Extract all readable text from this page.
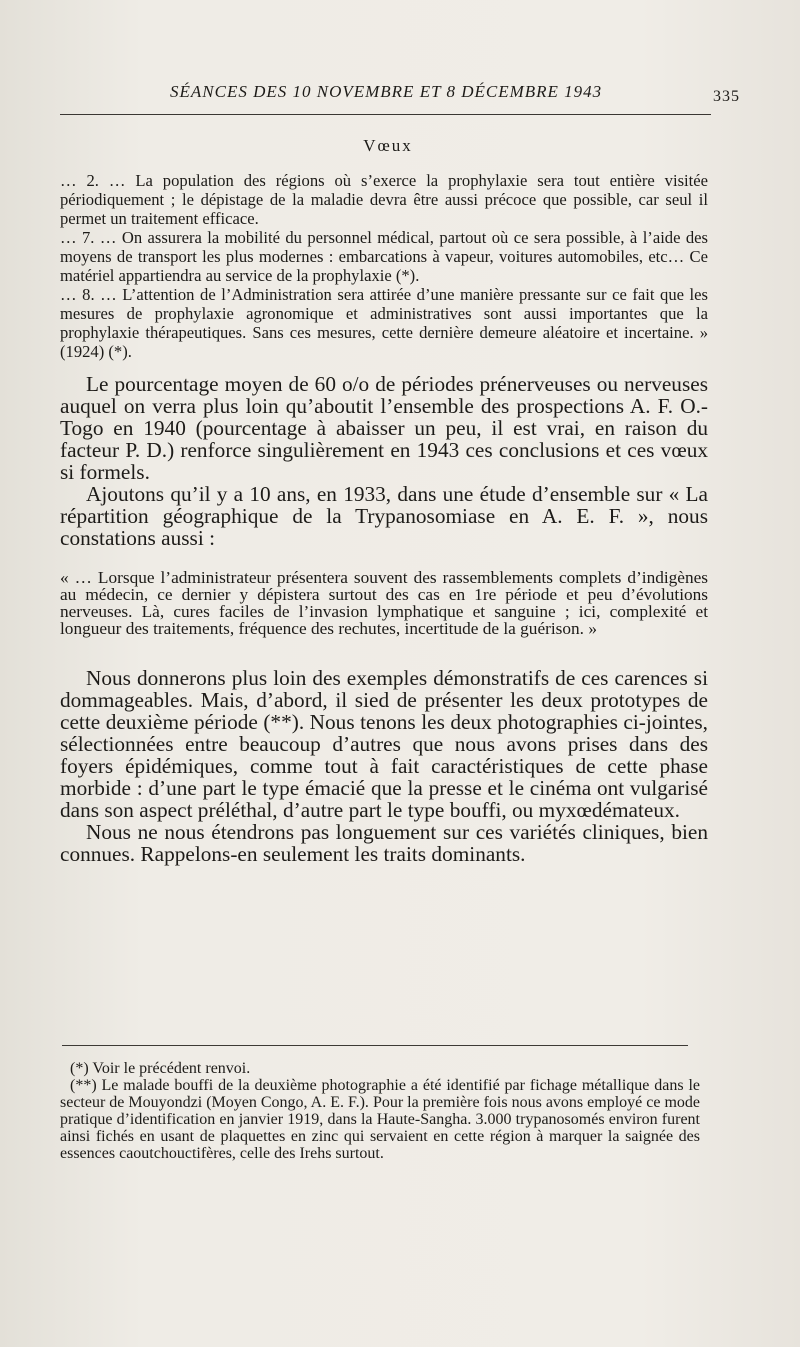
SÉANCES DES 10 NOVEMBRE ET 8 DÉCEMBRE 1943	335
Vœux

… 2. … La population des régions où s’exerce la prophylaxie sera tout entière visitée périodiquement ; le dépistage de la maladie devra être aussi précoce que possible, car seul il permet un traitement efficace.

… 7. … On assurera la mobilité du personnel médical, partout où ce sera possible, à l’aide des moyens de transport les plus modernes : embarcations à vapeur, voitures automobiles, etc… Ce matériel appartiendra au service de la prophylaxie (*).

… 8. … L’attention de l’Administration sera attirée d’une manière pressante sur ce fait que les mesures de prophylaxie agronomique et administratives sont aussi importantes que la prophylaxie thérapeutiques. Sans ces mesures, cette dernière demeure aléatoire et incertaine. » (1924) (*).

Le pourcentage moyen de 60 o/o de périodes prénerveuses ou nerveuses auquel on verra plus loin qu’aboutit l’ensemble des prospections A. F. O.-Togo en 1940 (pourcentage à abaisser un peu, il est vrai, en raison du facteur P. D.) renforce singulièrement en 1943 ces conclusions et ces vœux si formels.

Ajoutons qu’il y a 10 ans, en 1933, dans une étude d’ensemble sur « La répartition géographique de la Trypanosomiase en A. E. F. », nous constations aussi :

« … Lorsque l’administrateur présentera souvent des rassemblements complets d’indigènes au médecin, ce dernier y dépistera surtout des cas en 1re période et peu d’évolutions nerveuses. Là, cures faciles de l’invasion lymphatique et sanguine ; ici, complexité et longueur des traitements, fréquence des rechutes, incertitude de la guérison. »

Nous donnerons plus loin des exemples démonstratifs de ces carences si dommageables. Mais, d’abord, il sied de présenter les deux prototypes de cette deuxième période (**). Nous tenons les deux photographies ci-jointes, sélectionnées entre beaucoup d’autres que nous avons prises dans des foyers épidémiques, comme tout à fait caractéristiques de cette phase morbide : d’une part le type émacié que la presse et le cinéma ont vulgarisé dans son aspect préléthal, d’autre part le type bouffi, ou myxœdémateux.

Nous ne nous étendrons pas longuement sur ces variétés cliniques, bien connues. Rappelons-en seulement les traits dominants.

(*) Voir le précédent renvoi.

(**) Le malade bouffi de la deuxième photographie a été identifié par fichage métallique dans le secteur de Mouyondzi (Moyen Congo, A. E. F.). Pour la première fois nous avons employé ce mode pratique d’identification en janvier 1919, dans la Haute-Sangha. 3.000 trypanosomés environ furent ainsi fichés en usant de plaquettes en zinc qui servaient en cette région à marquer la saignée des essences caoutchouctifères, celle des Irehs surtout.
